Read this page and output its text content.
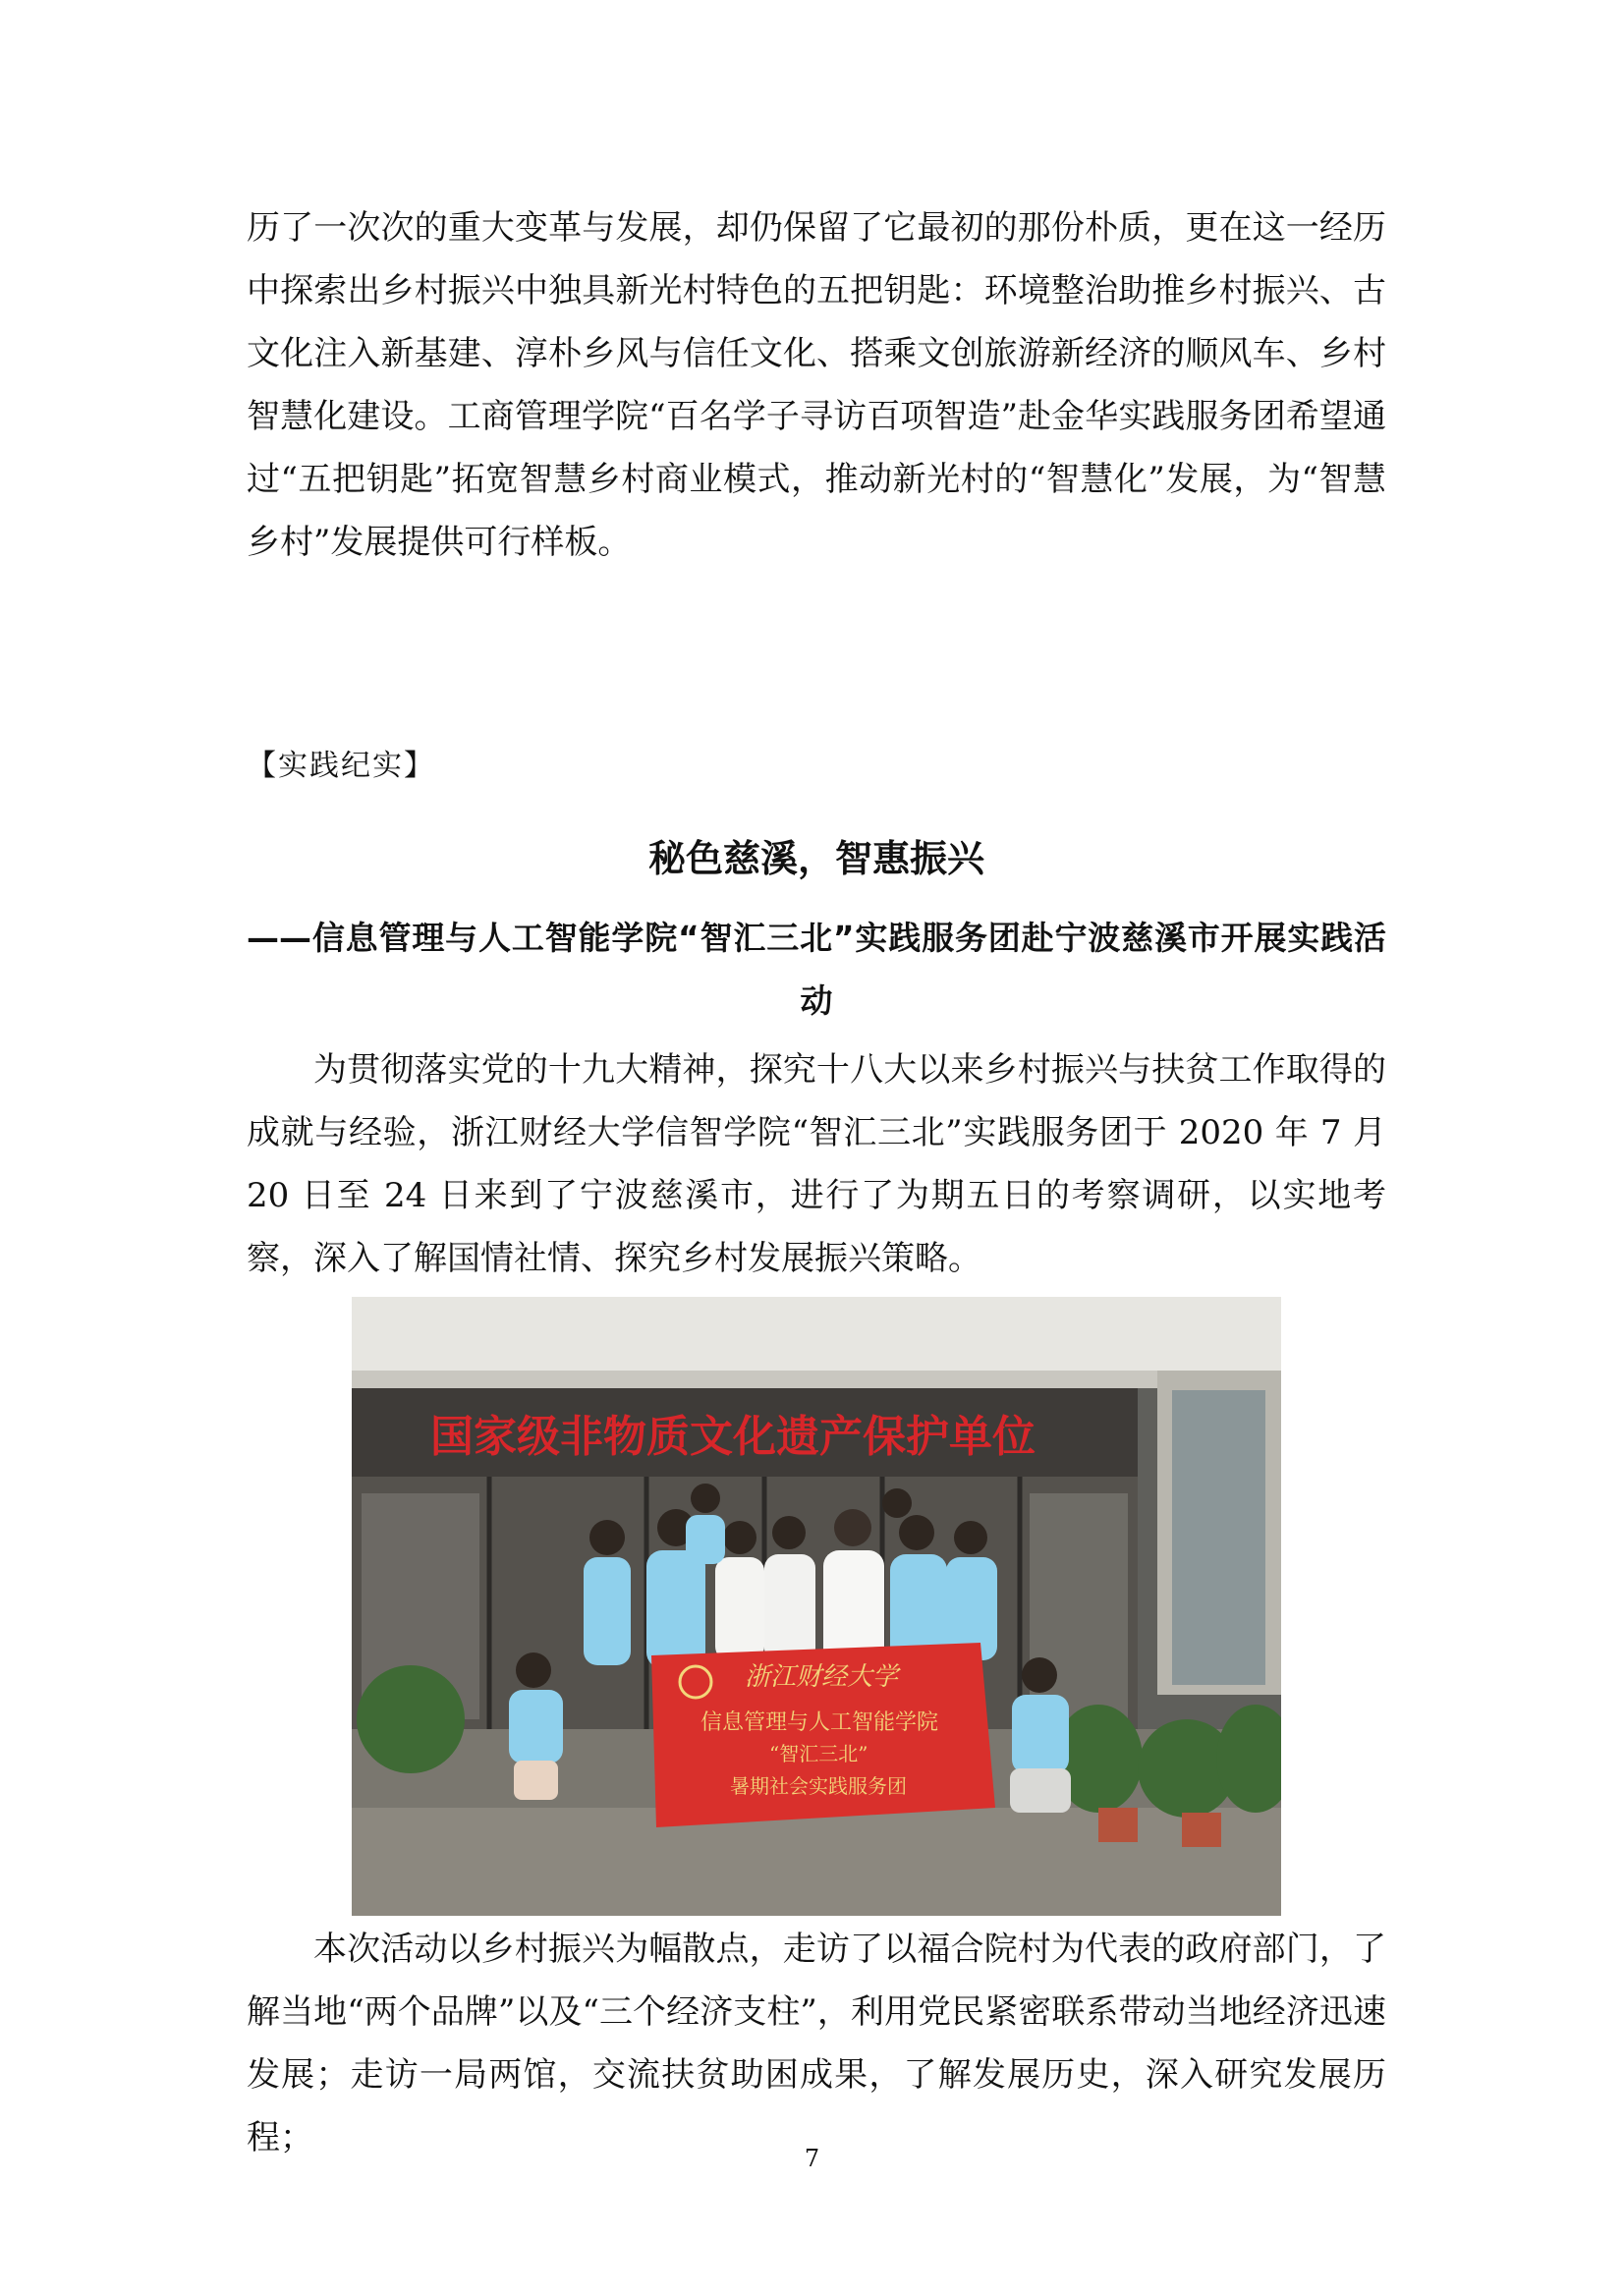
历了一次次的重大变革与发展，却仍保留了它最初的那份朴质，更在这一经历中探索出乡村振兴中独具新光村特色的五把钥匙：环境整治助推乡村振兴、古文化注入新基建、淳朴乡风与信任文化、搭乘文创旅游新经济的顺风车、乡村智慧化建设。工商管理学院“百名学子寻访百项智造”赴金华实践服务团希望通过“五把钥匙”拓宽智慧乡村商业模式，推动新光村的“智慧化”发展，为“智慧乡村”发展提供可行样板。

【实践纪实】
秘色慈溪，智惠振兴
——信息管理与人工智能学院“智汇三北”实践服务团赴宁波慈溪市开展实践活动

为贯彻落实党的十九大精神，探究十八大以来乡村振兴与扶贫工作取得的成就与经验，浙江财经大学信智学院“智汇三北”实践服务团于 2020 年 7 月 20 日至 24 日来到了宁波慈溪市，进行了为期五日的考察调研，以实地考察，深入了解国情社情、探究乡村发展振兴策略。

国家级非物质文化遗产保护单位
浙江财经大学
信息管理与人工智能学院
“智汇三北”
暑期社会实践服务团

本次活动以乡村振兴为幅散点，走访了以福合院村为代表的政府部门，了解当地“两个品牌”以及“三个经济支柱”，利用党民紧密联系带动当地经济迅速发展；走访一局两馆，交流扶贫助困成果，了解发展历史，深入研究发展历程；

7
